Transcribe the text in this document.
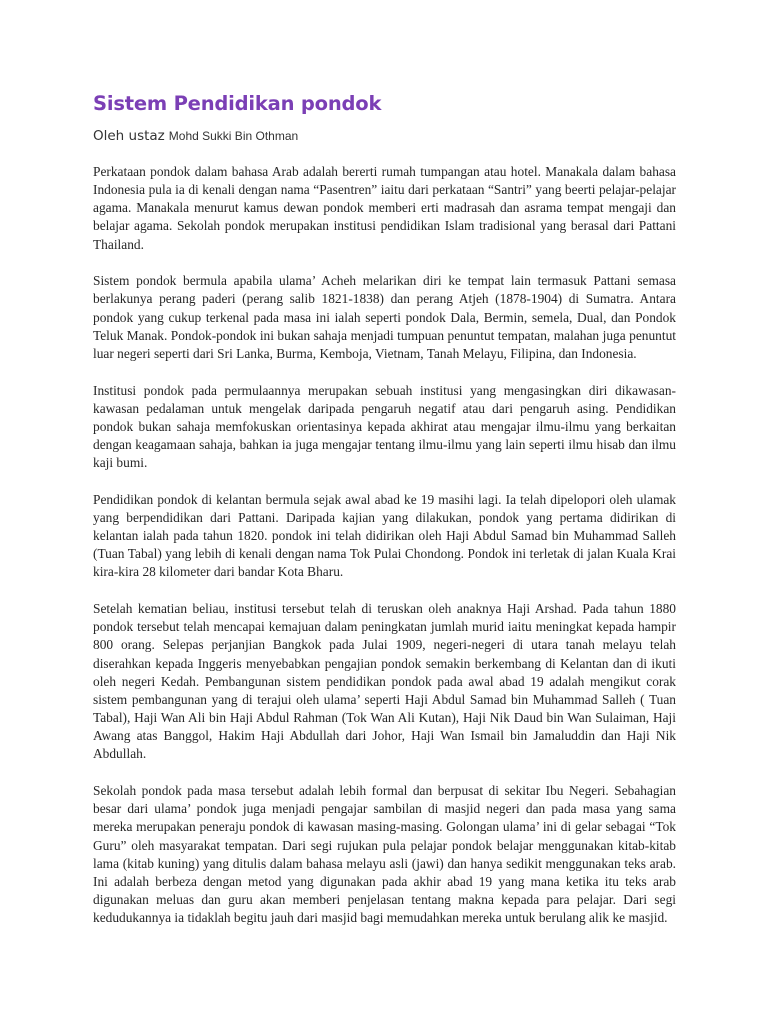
Sistem Pendidikan pondok
Oleh ustaz Mohd Sukki Bin Othman

Perkataan pondok dalam bahasa Arab adalah bererti rumah tumpangan atau hotel. Manakala dalam bahasa Indonesia pula ia di kenali dengan nama “Pasentren” iaitu dari perkataan “Santri” yang beerti pelajar-pelajar agama. Manakala menurut kamus dewan pondok memberi erti madrasah dan asrama tempat mengaji dan belajar agama. Sekolah pondok merupakan institusi pendidikan Islam tradisional yang berasal dari Pattani Thailand.

Sistem pondok bermula apabila ulama’ Acheh melarikan diri ke tempat lain termasuk Pattani semasa berlakunya perang paderi (perang salib 1821-1838) dan perang Atjeh (1878-1904) di Sumatra. Antara pondok yang cukup terkenal pada masa ini ialah seperti pondok Dala, Bermin, semela, Dual, dan Pondok Teluk Manak. Pondok-pondok ini bukan sahaja menjadi tumpuan penuntut tempatan, malahan juga penuntut luar negeri seperti dari Sri Lanka, Burma, Kemboja, Vietnam, Tanah Melayu, Filipina, dan Indonesia.

Institusi pondok pada permulaannya merupakan sebuah institusi yang mengasingkan diri dikawasan-kawasan pedalaman untuk mengelak daripada pengaruh negatif atau dari pengaruh asing. Pendidikan pondok bukan sahaja memfokuskan orientasinya kepada akhirat atau mengajar ilmu-ilmu yang berkaitan dengan keagamaan sahaja, bahkan ia juga mengajar tentang ilmu-ilmu yang lain seperti ilmu hisab dan ilmu kaji bumi.

Pendidikan pondok di kelantan bermula sejak awal abad ke 19 masihi lagi. Ia telah dipelopori oleh ulamak yang berpendidikan dari Pattani. Daripada kajian yang dilakukan, pondok yang pertama didirikan di kelantan ialah pada tahun 1820. pondok ini telah didirikan oleh Haji Abdul Samad bin Muhammad Salleh (Tuan Tabal) yang lebih di kenali dengan nama Tok Pulai Chondong. Pondok ini terletak di jalan Kuala Krai kira-kira 28 kilometer dari bandar Kota Bharu.

Setelah kematian beliau, institusi tersebut telah di teruskan oleh anaknya Haji Arshad. Pada tahun 1880 pondok tersebut telah mencapai kemajuan dalam peningkatan jumlah murid iaitu meningkat kepada hampir 800 orang. Selepas perjanjian Bangkok pada Julai 1909, negeri-negeri di utara tanah melayu telah diserahkan kepada Inggeris menyebabkan pengajian pondok semakin berkembang di Kelantan dan di ikuti oleh negeri Kedah. Pembangunan sistem pendidikan pondok pada awal abad 19 adalah mengikut corak sistem pembangunan yang di terajui oleh ulama’ seperti Haji Abdul Samad bin Muhammad Salleh ( Tuan Tabal), Haji Wan Ali bin Haji Abdul Rahman (Tok Wan Ali Kutan), Haji Nik Daud bin Wan Sulaiman, Haji Awang atas Banggol, Hakim Haji Abdullah dari Johor, Haji Wan Ismail bin Jamaluddin dan Haji Nik Abdullah.

Sekolah pondok pada masa tersebut adalah lebih formal dan berpusat di sekitar Ibu Negeri. Sebahagian besar dari ulama’ pondok juga menjadi pengajar sambilan di masjid negeri dan pada masa yang sama mereka merupakan peneraju pondok di kawasan masing-masing. Golongan ulama’ ini di gelar sebagai “Tok Guru” oleh masyarakat tempatan. Dari segi rujukan pula pelajar pondok belajar menggunakan kitab-kitab lama (kitab kuning) yang ditulis dalam bahasa melayu asli (jawi) dan hanya sedikit menggunakan teks arab. Ini adalah berbeza dengan metod yang digunakan pada akhir abad 19 yang mana ketika itu teks arab digunakan meluas dan guru akan memberi penjelasan tentang makna kepada para pelajar. Dari segi kedudukannya ia tidaklah begitu jauh dari masjid bagi memudahkan mereka untuk berulang alik ke masjid.
